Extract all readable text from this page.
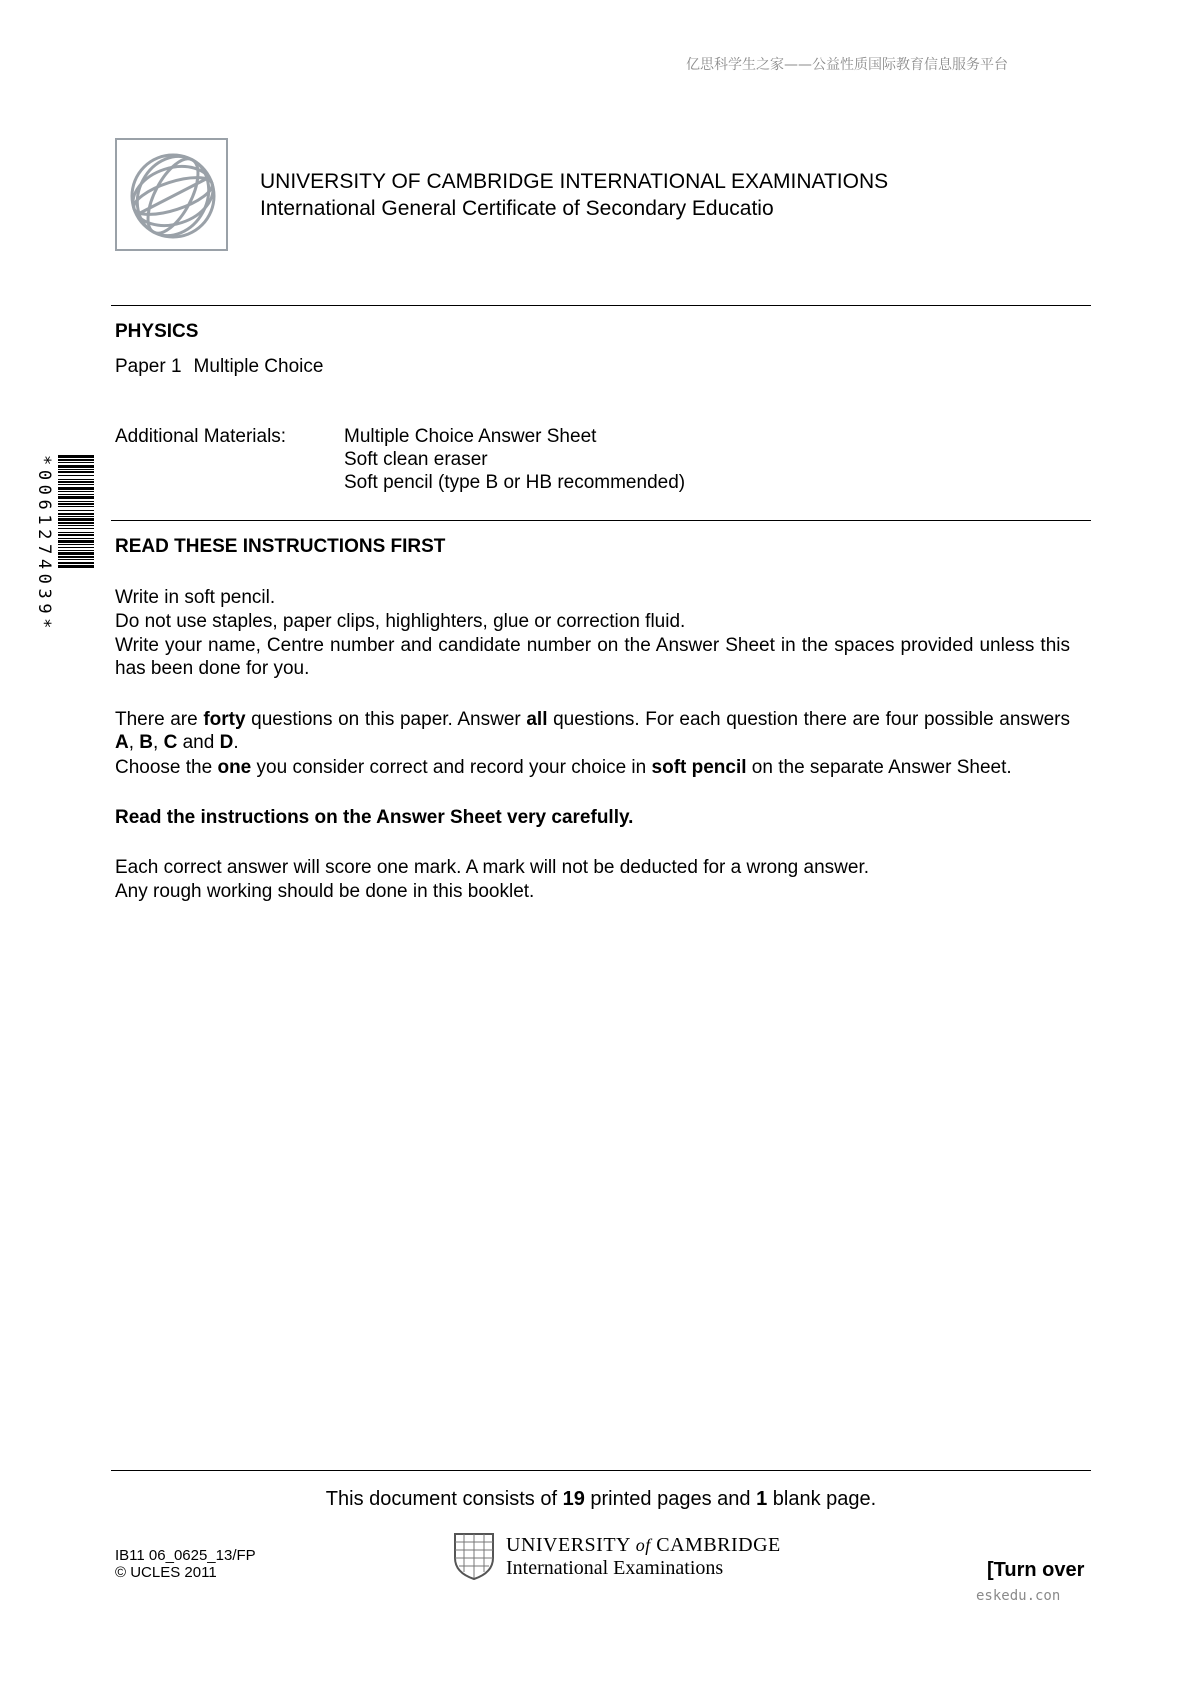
亿思科学生之家——公益性质国际教育信息服务平台
UNIVERSITY OF CAMBRIDGE INTERNATIONAL EXAMINATIONS
International General Certificate of Secondary Educatio
PHYSICS
Paper 1 Multiple Choice
Additional Materials:	Multiple Choice Answer Sheet
Soft clean eraser
Soft pencil (type B or HB recommended)
*0061274039*	READ THESE INSTRUCTIONS FIRST
Write in soft pencil.
Do not use staples, paper clips, highlighters, glue or correction fluid.
Write your name, Centre number and candidate number on the Answer Sheet in the spaces provided unless this has been done for you.
There are forty questions on this paper. Answer all questions. For each question there are four possible answers A, B, C and D.
Choose the one you consider correct and record your choice in soft pencil on the separate Answer Sheet.
Read the instructions on the Answer Sheet very carefully.
Each correct answer will score one mark. A mark will not be deducted for a wrong answer.
Any rough working should be done in this booklet.
This document consists of 19 printed pages and 1 blank page.
IB11 06_0625_13/FP
© UCLES 2011
UNIVERSITY of CAMBRIDGE
International Examinations	[Turn over
eskedu.con
